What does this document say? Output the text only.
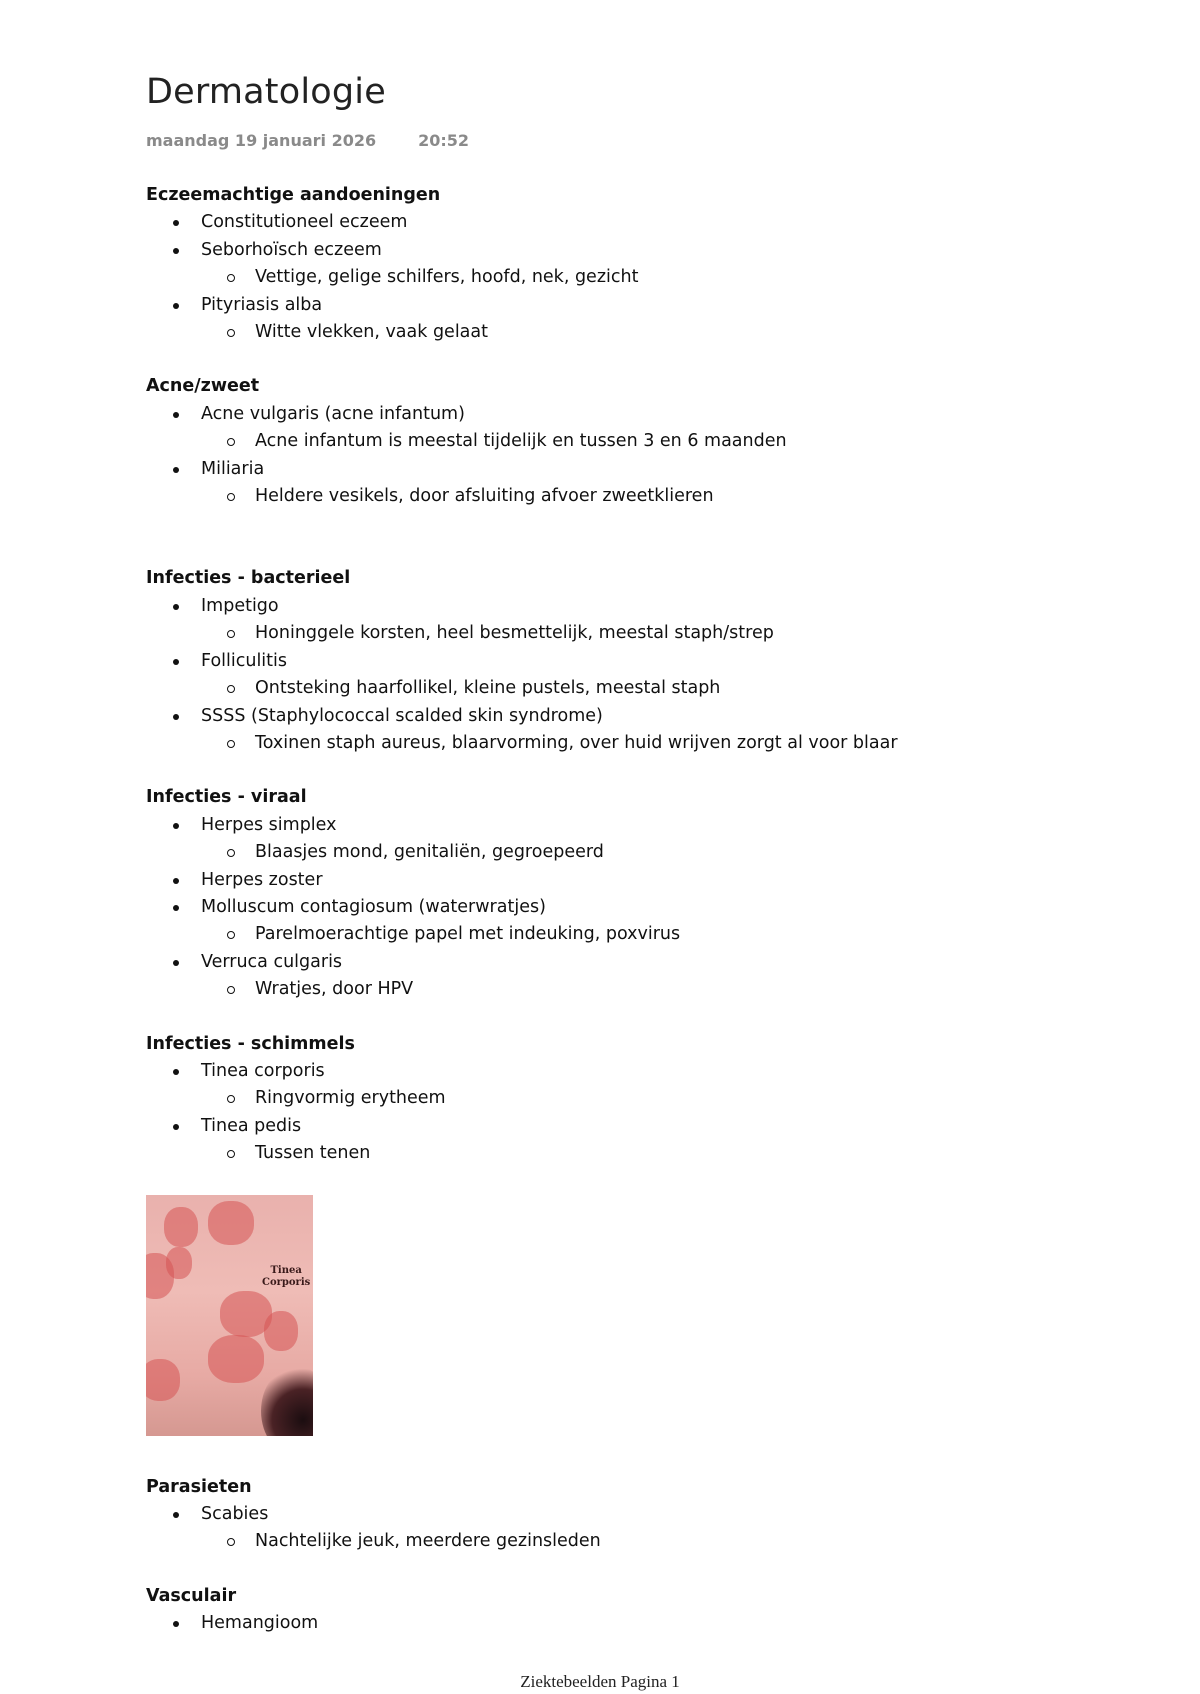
Dermatologie
maandag 19 januari 2026	20:52

Eczeemachtige aandoeningen

Constitutioneel eczeem
Seborhoïsch eczeem
Vettige, gelige schilfers, hoofd, nek, gezicht
Pityriasis alba
Witte vlekken, vaak gelaat

Acne/zweet

Acne vulgaris (acne infantum)
Acne infantum is meestal tijdelijk en tussen 3 en 6 maanden
Miliaria
Heldere vesikels, door afsluiting afvoer zweetklieren

Infecties - bacterieel

Impetigo
Honinggele korsten, heel besmettelijk, meestal staph/strep
Folliculitis
Ontsteking haarfollikel, kleine pustels, meestal staph
SSSS (Staphylococcal scalded skin syndrome)
Toxinen staph aureus, blaarvorming, over huid wrijven zorgt al voor blaar

Infecties - viraal

Herpes simplex
Blaasjes mond, genitaliën, gegroepeerd
Herpes zoster
Molluscum contagiosum (waterwratjes)
Parelmoerachtige papel met indeuking, poxvirus
Verruca culgaris
Wratjes, door HPV

Infecties - schimmels

Tinea corporis
Ringvormig erytheem
Tinea pedis
Tussen tenen
Tinea
Corporis

Parasieten

Scabies
Nachtelijke jeuk, meerdere gezinsleden

Vasculair

Hemangioom
Ziektebeelden Pagina 1
